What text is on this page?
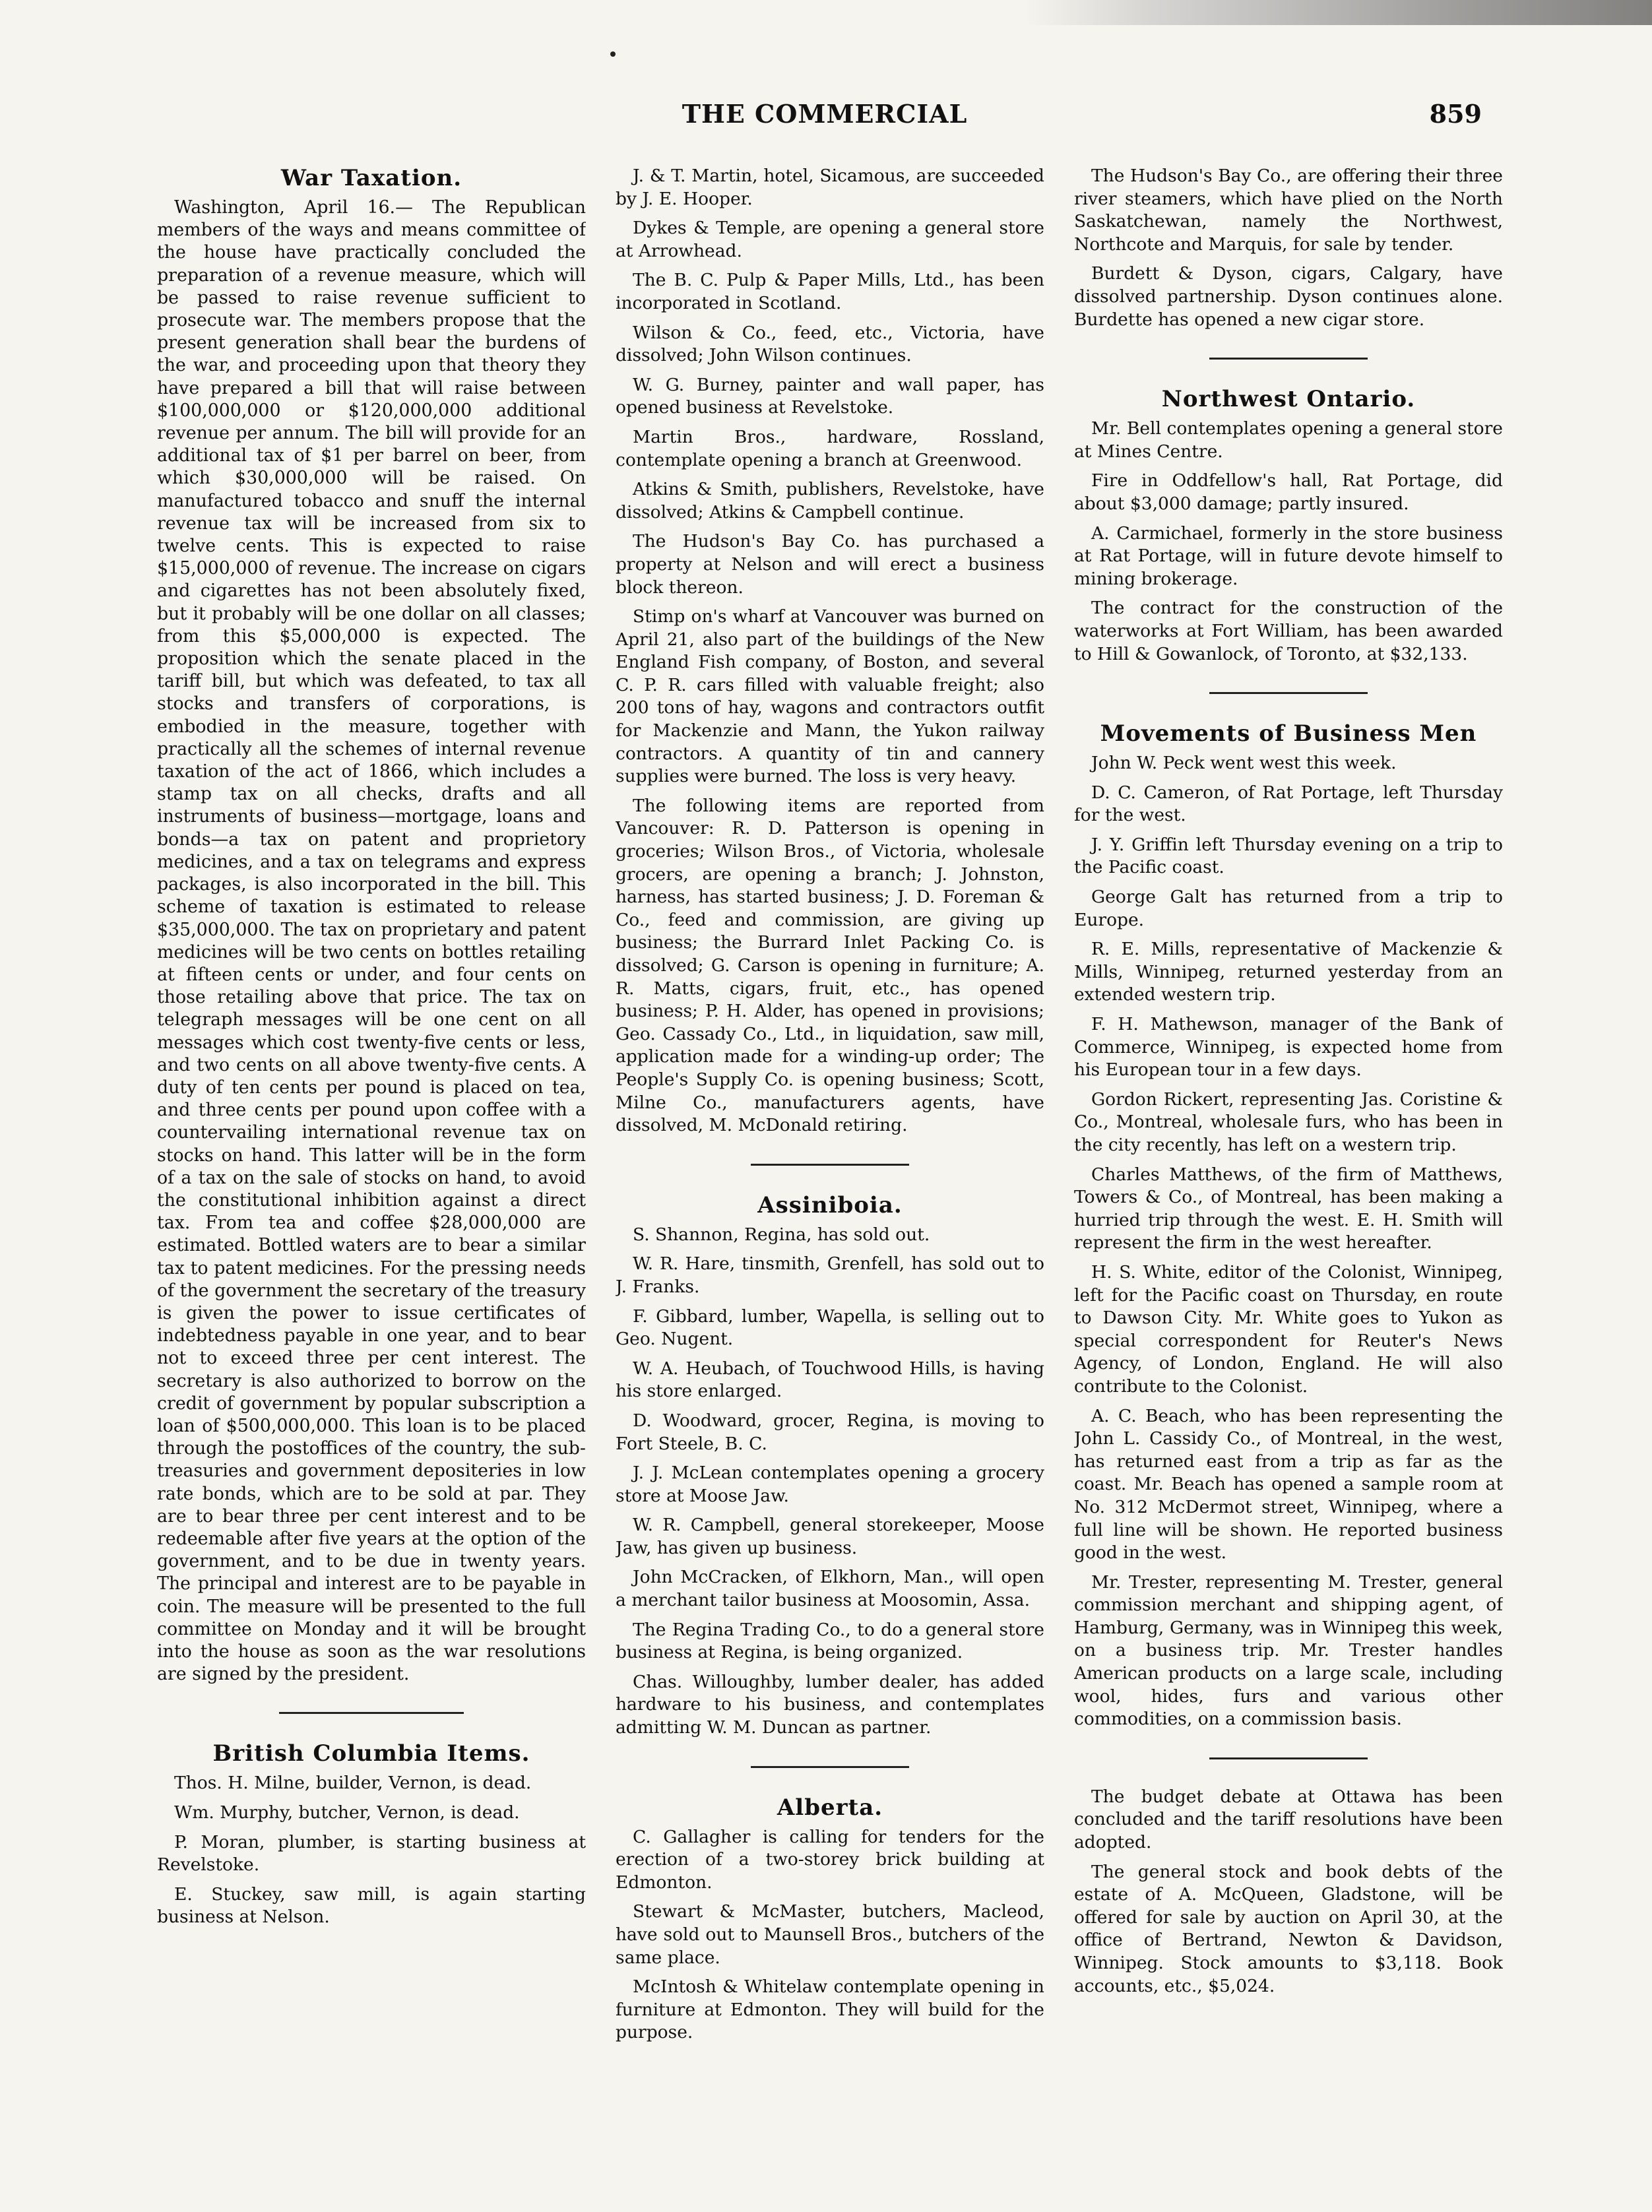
THE COMMERCIAL	859
War Taxation.

Washington, April 16.— The Republican members of the ways and means committee of the house have practically concluded the preparation of a revenue measure, which will be passed to raise revenue sufficient to prosecute war. The members propose that the present generation shall bear the burdens of the war, and proceeding upon that theory they have prepared a bill that will raise between $100,000,000 or $120,000,000 additional revenue per annum. The bill will provide for an additional tax of $1 per barrel on beer, from which $30,000,000 will be raised. On manufactured tobacco and snuff the internal revenue tax will be increased from six to twelve cents. This is expected to raise $15,000,000 of revenue. The increase on cigars and cigarettes has not been absolutely fixed, but it probably will be one dollar on all classes; from this $5,000,000 is expected. The proposition which the senate placed in the tariff bill, but which was defeated, to tax all stocks and transfers of corporations, is embodied in the measure, together with practically all the schemes of internal revenue taxation of the act of 1866, which includes a stamp tax on all checks, drafts and all instruments of business—mortgage, loans and bonds—a tax on patent and proprietory medicines, and a tax on telegrams and express packages, is also incorporated in the bill. This scheme of taxation is estimated to release $35,000,000. The tax on proprietary and patent medicines will be two cents on bottles retailing at fifteen cents or under, and four cents on those retailing above that price. The tax on telegraph messages will be one cent on all messages which cost twenty-five cents or less, and two cents on all above twenty-five cents. A duty of ten cents per pound is placed on tea, and three cents per pound upon coffee with a countervailing international revenue tax on stocks on hand. This latter will be in the form of a tax on the sale of stocks on hand, to avoid the constitutional inhibition against a direct tax. From tea and coffee $28,000,000 are estimated. Bottled waters are to bear a similar tax to patent medicines. For the pressing needs of the government the secretary of the treasury is given the power to issue certificates of indebtedness payable in one year, and to bear not to exceed three per cent interest. The secretary is also authorized to borrow on the credit of government by popular subscription a loan of $500,000,000. This loan is to be placed through the postoffices of the country, the sub-treasuries and government depositeries in low rate bonds, which are to be sold at par. They are to bear three per cent interest and to be redeemable after five years at the option of the government, and to be due in twenty years. The principal and interest are to be payable in coin. The measure will be presented to the full committee on Monday and it will be brought into the house as soon as the war resolutions are signed by the president.

British Columbia Items.

Thos. H. Milne, builder, Vernon, is dead.

Wm. Murphy, butcher, Vernon, is dead.

P. Moran, plumber, is starting business at Revelstoke.

E. Stuckey, saw mill, is again starting business at Nelson.

J. & T. Martin, hotel, Sicamous, are succeeded by J. E. Hooper.

Dykes & Temple, are opening a general store at Arrowhead.

The B. C. Pulp & Paper Mills, Ltd., has been incorporated in Scotland.

Wilson & Co., feed, etc., Victoria, have dissolved; John Wilson continues.

W. G. Burney, painter and wall paper, has opened business at Revelstoke.

Martin Bros., hardware, Rossland, contemplate opening a branch at Greenwood.

Atkins & Smith, publishers, Revelstoke, have dissolved; Atkins & Campbell continue.

The Hudson's Bay Co. has purchased a property at Nelson and will erect a business block thereon.

Stimp on's wharf at Vancouver was burned on April 21, also part of the buildings of the New England Fish company, of Boston, and several C. P. R. cars filled with valuable freight; also 200 tons of hay, wagons and contractors outfit for Mackenzie and Mann, the Yukon railway contractors. A quantity of tin and cannery supplies were burned. The loss is very heavy.

The following items are reported from Vancouver: R. D. Patterson is opening in groceries; Wilson Bros., of Victoria, wholesale grocers, are opening a branch; J. Johnston, harness, has started business; J. D. Foreman & Co., feed and commission, are giving up business; the Burrard Inlet Packing Co. is dissolved; G. Carson is opening in furniture; A. R. Matts, cigars, fruit, etc., has opened business; P. H. Alder, has opened in provisions; Geo. Cassady Co., Ltd., in liquidation, saw mill, application made for a winding-up order; The People's Supply Co. is opening business; Scott, Milne Co., manufacturers agents, have dissolved, M. McDonald retiring.

Assiniboia.

S. Shannon, Regina, has sold out.

W. R. Hare, tinsmith, Grenfell, has sold out to J. Franks.

F. Gibbard, lumber, Wapella, is selling out to Geo. Nugent.

W. A. Heubach, of Touchwood Hills, is having his store enlarged.

D. Woodward, grocer, Regina, is moving to Fort Steele, B. C.

J. J. McLean contemplates opening a grocery store at Moose Jaw.

W. R. Campbell, general storekeeper, Moose Jaw, has given up business.

John McCracken, of Elkhorn, Man., will open a merchant tailor business at Moosomin, Assa.

The Regina Trading Co., to do a general store business at Regina, is being organized.

Chas. Willoughby, lumber dealer, has added hardware to his business, and contemplates admitting W. M. Duncan as partner.

Alberta.

C. Gallagher is calling for tenders for the erection of a two-storey brick building at Edmonton.

Stewart & McMaster, butchers, Macleod, have sold out to Maunsell Bros., butchers of the same place.

McIntosh & Whitelaw contemplate opening in furniture at Edmonton. They will build for the purpose.

The Hudson's Bay Co., are offering their three river steamers, which have plied on the North Saskatchewan, namely the Northwest, Northcote and Marquis, for sale by tender.

Burdett & Dyson, cigars, Calgary, have dissolved partnership. Dyson continues alone. Burdette has opened a new cigar store.

Northwest Ontario.

Mr. Bell contemplates opening a general store at Mines Centre.

Fire in Oddfellow's hall, Rat Portage, did about $3,000 damage; partly insured.

A. Carmichael, formerly in the store business at Rat Portage, will in future devote himself to mining brokerage.

The contract for the construction of the waterworks at Fort William, has been awarded to Hill & Gowanlock, of Toronto, at $32,133.

Movements of Business Men

John W. Peck went west this week.

D. C. Cameron, of Rat Portage, left Thursday for the west.

J. Y. Griffin left Thursday evening on a trip to the Pacific coast.

George Galt has returned from a trip to Europe.

R. E. Mills, representative of Mackenzie & Mills, Winnipeg, returned yesterday from an extended western trip.

F. H. Mathewson, manager of the Bank of Commerce, Winnipeg, is expected home from his European tour in a few days.

Gordon Rickert, representing Jas. Coristine & Co., Montreal, wholesale furs, who has been in the city recently, has left on a western trip.

Charles Matthews, of the firm of Matthews, Towers & Co., of Montreal, has been making a hurried trip through the west. E. H. Smith will represent the firm in the west hereafter.

H. S. White, editor of the Colonist, Winnipeg, left for the Pacific coast on Thursday, en route to Dawson City. Mr. White goes to Yukon as special correspondent for Reuter's News Agency, of London, England. He will also contribute to the Colonist.

A. C. Beach, who has been representing the John L. Cassidy Co., of Montreal, in the west, has returned east from a trip as far as the coast. Mr. Beach has opened a sample room at No. 312 McDermot street, Winnipeg, where a full line will be shown. He reported business good in the west.

Mr. Trester, representing M. Trester, general commission merchant and shipping agent, of Hamburg, Germany, was in Winnipeg this week, on a business trip. Mr. Trester handles American products on a large scale, including wool, hides, furs and various other commodities, on a commission basis.

The budget debate at Ottawa has been concluded and the tariff resolutions have been adopted.

The general stock and book debts of the estate of A. McQueen, Gladstone, will be offered for sale by auction on April 30, at the office of Bertrand, Newton & Davidson, Winnipeg. Stock amounts to $3,118. Book accounts, etc., $5,024.
